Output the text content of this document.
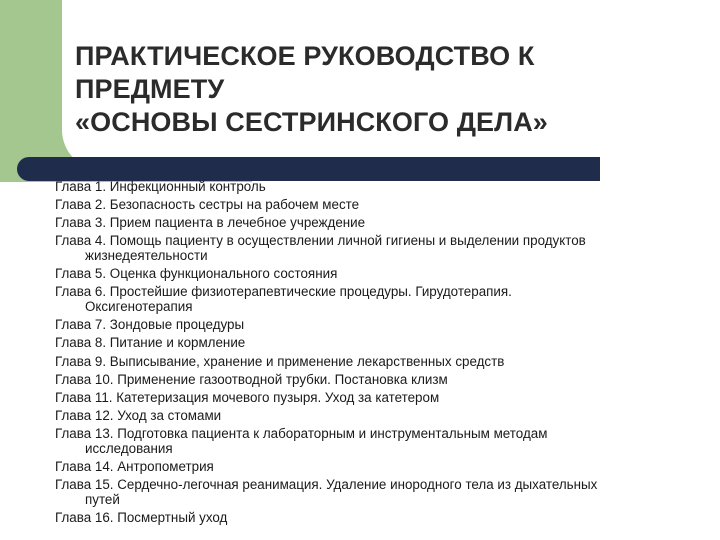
ПРАКТИЧЕСКОЕ РУКОВОДСТВО К
ПРЕДМЕТУ
«ОСНОВЫ СЕСТРИНСКОГО ДЕЛА»
Глава 1. Инфекционный контроль
Глава 2. Безопасность сестры на рабочем месте
Глава 3. Прием пациента в лечебное учреждение
Глава 4. Помощь пациенту в осуществлении личной гигиены и выделении продуктов
жизнедеятельности
Глава 5. Оценка функционального состояния
Глава 6. Простейшие физиотерапевтические процедуры. Гирудотерапия.
Оксигенотерапия
Глава 7. Зондовые процедуры
Глава 8. Питание и кормление
Глава 9. Выписывание, хранение и применение лекарственных средств
Глава 10. Применение газоотводной трубки. Постановка клизм
Глава 11. Катетеризация мочевого пузыря. Уход за катетером
Глава 12. Уход за стомами
Глава 13. Подготовка пациента к лабораторным и инструментальным методам
исследования
Глава 14. Антропометрия
Глава 15. Сердечно-легочная реанимация. Удаление инородного тела из дыхательных
путей
Глава 16. Посмертный уход
